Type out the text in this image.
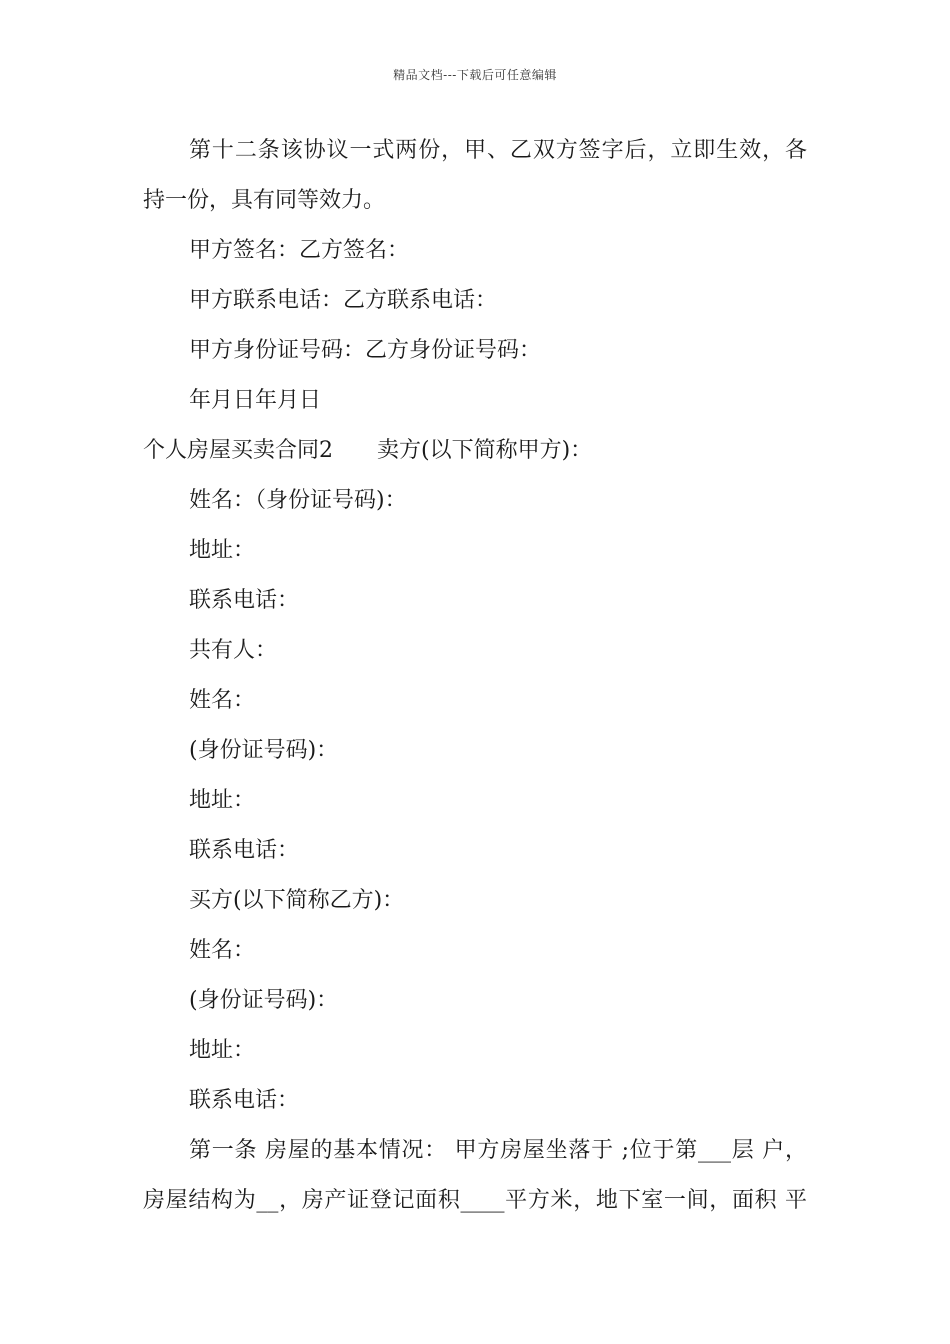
精品文档---下载后可任意编辑
第十二条该协议一式两份，甲、乙双方签字后，立即生效，各
持一份，具有同等效力。
甲方签名：乙方签名：
甲方联系电话：乙方联系电话：
甲方身份证号码：乙方身份证号码：
年月日年月日
个人房屋买卖合同2 卖方(以下简称甲方)：
姓名：（身份证号码)：
地址：
联系电话：
共有人：
姓名：
(身份证号码)：
地址：
联系电话：
买方(以下简称乙方)：
姓名：
(身份证号码)：
地址：
联系电话：
第一条 房屋的基本情况： 甲方房屋坐落于 ;位于第___层 户，
房屋结构为__，房产证登记面积____平方米，地下室一间，面积 平
